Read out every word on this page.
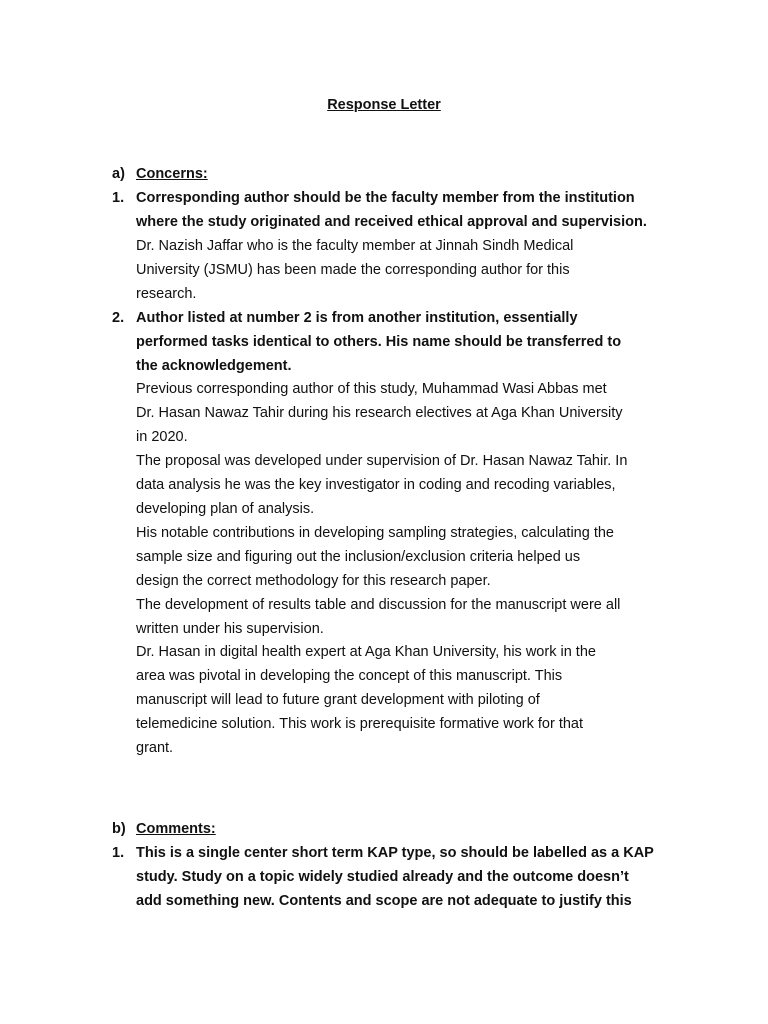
Response Letter
a) Concerns:
1. Corresponding author should be the faculty member from the institution
where the study originated and received ethical approval and supervision.
Dr. Nazish Jaffar who is the faculty member at Jinnah Sindh Medical
University (JSMU) has been made the corresponding author for this
research.
2. Author listed at number 2 is from another institution, essentially
performed tasks identical to others. His name should be transferred to
the acknowledgement.
Previous corresponding author of this study, Muhammad Wasi Abbas met
Dr. Hasan Nawaz Tahir during his research electives at Aga Khan University
in 2020.
The proposal was developed under supervision of Dr. Hasan Nawaz Tahir. In
data analysis he was the key investigator in coding and recoding variables,
developing plan of analysis.
His notable contributions in developing sampling strategies, calculating the
sample size and figuring out the inclusion/exclusion criteria helped us
design the correct methodology for this research paper.
The development of results table and discussion for the manuscript were all
written under his supervision.
Dr. Hasan in digital health expert at Aga Khan University, his work in the
area was pivotal in developing the concept of this manuscript. This
manuscript will lead to future grant development with piloting of
telemedicine solution. This work is prerequisite formative work for that
grant.
b) Comments:
1. This is a single center short term KAP type, so should be labelled as a KAP
study. Study on a topic widely studied already and the outcome doesn’t
add something new. Contents and scope are not adequate to justify this
